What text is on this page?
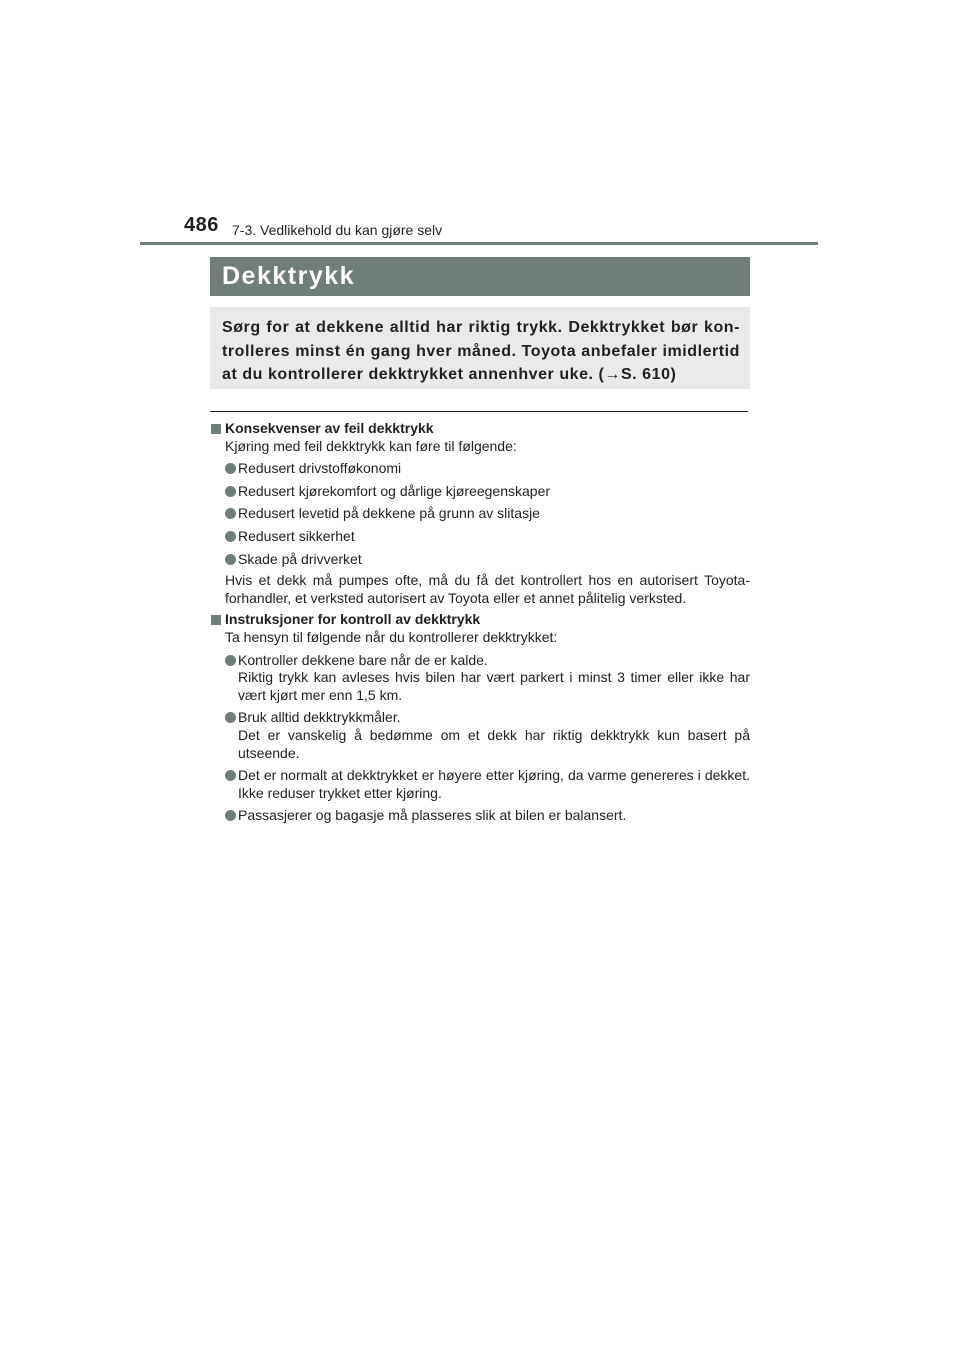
486 7-3. Vedlikehold du kan gjøre selv
Dekktrykk

Sørg for at dekkene alltid har riktig trykk. Dekktrykket bør kon-trolleres minst én gang hver måned. Toyota anbefaler imidlertid at du kontrollerer dekktrykket annenhver uke. (→S. 610)

Konsekvenser av feil dekktrykk
Kjøring med feil dekktrykk kan føre til følgende:
Redusert drivstofføkonomi
Redusert kjørekomfort og dårlige kjøreegenskaper
Redusert levetid på dekkene på grunn av slitasje
Redusert sikkerhet
Skade på drivverket
Hvis et dekk må pumpes ofte, må du få det kontrollert hos en autorisert Toyota-forhandler, et verksted autorisert av Toyota eller et annet pålitelig verksted.
Instruksjoner for kontroll av dekktrykk
Ta hensyn til følgende når du kontrollerer dekktrykket:
Kontroller dekkene bare når de er kalde.
Riktig trykk kan avleses hvis bilen har vært parkert i minst 3 timer eller ikke har vært kjørt mer enn 1,5 km.
Bruk alltid dekktrykkmåler.
Det er vanskelig å bedømme om et dekk har riktig dekktrykk kun basert på utseende.
Det er normalt at dekktrykket er høyere etter kjøring, da varme genereres i dekket. Ikke reduser trykket etter kjøring.
Passasjerer og bagasje må plasseres slik at bilen er balansert.
